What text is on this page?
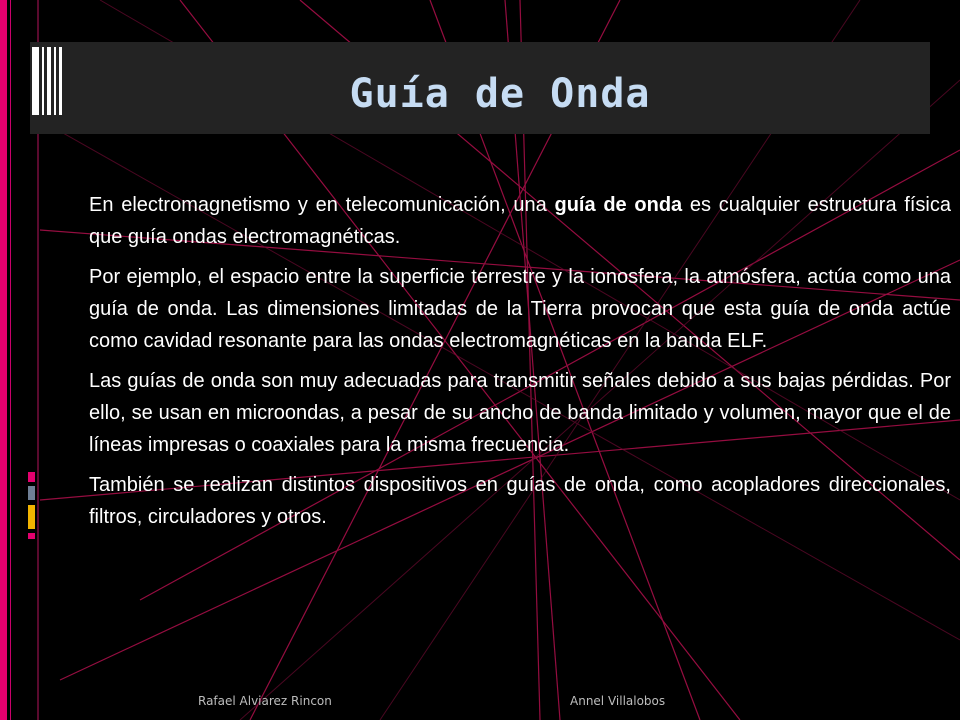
Guía de Onda

En electromagnetismo y en telecomunicación, una guía de onda es cualquier estructura física que guía ondas electromagnéticas.

Por ejemplo, el espacio entre la superficie terrestre y la ionosfera, la atmósfera, actúa como una guía de onda. Las dimensiones limitadas de la Tierra provocan que esta guía de onda actúe como cavidad resonante para las ondas electromagnéticas en la banda ELF.

Las guías de onda son muy adecuadas para transmitir señales debido a sus bajas pérdidas. Por ello, se usan en microondas, a pesar de su ancho de banda limitado y volumen, mayor que el de líneas impresas o coaxiales para la misma frecuencia.

También se realizan distintos dispositivos en guías de onda, como acopladores direccionales, filtros, circuladores y otros.

Rafael Alviarez Rincon	Annel Villalobos
